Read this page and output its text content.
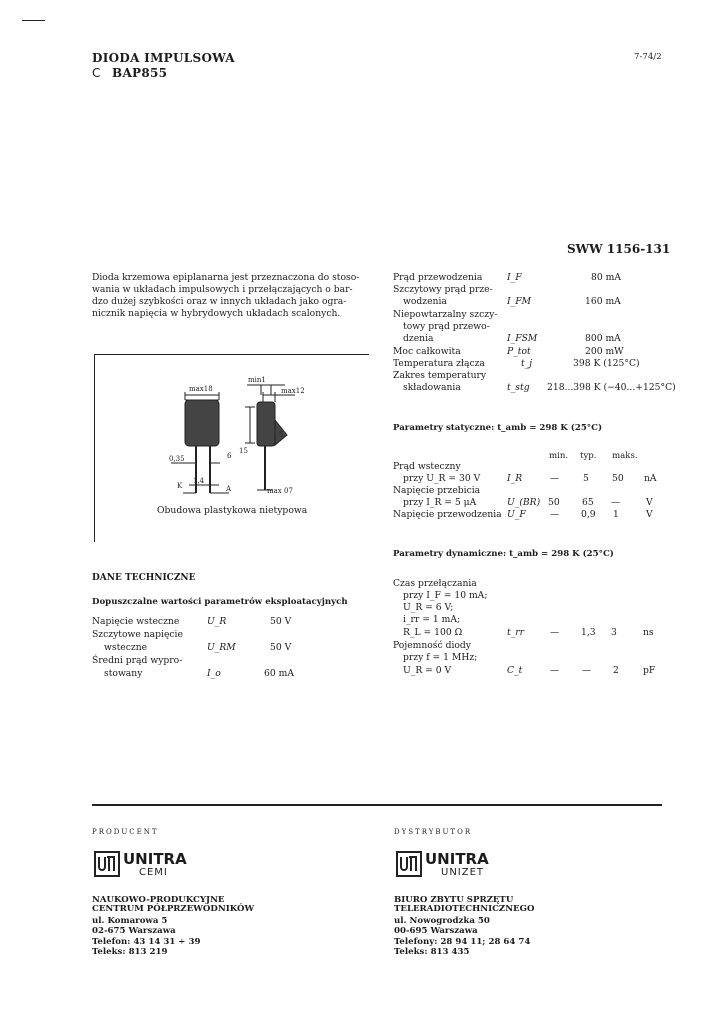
DIODA IMPULSOWA
C BAP855
7-74/2
SWW 1156-131
Dioda krzemowa epiplanarna jest przeznaczona do stoso-
wania w układach impulsowych i przełączających o bar-
dzo dużej szybkości oraz w innych układach jako ogra-
nicznik napięcia w hybrydowych układach scalonych.
max18
min1
max12
0,35	6
15
1,4
K	A	max 07
5
Obudowa plastykowa nietypowa
DANE TECHNICZNE
Dopuszczalne wartości parametrów eksploatacyjnych
Napięcie wsteczne	U_R	50 V
Szczytowe napięcie
wsteczne	U_RM	50 V
Średni prąd wyprо-
stowany	I_o	60 mA
Prąd przewodzenia	I_F	80 mA
Szczytowy prąd prze-
wodzenia	I_FM	160 mA
Niepowtarzalny szczy-
towy prąd przewo-
dzenia	I_FSM	800 mA
Moc całkowita	P_tot	200 mW
Temperatura złącza	t_j	398 K (125°C)
Zakres temperatury
składowania	t_stg 218...398 K (−40...+125°C)
Parametry statyczne: t_amb = 298 K (25°C)
min. typ. maks.
Prąd wsteczny
przy U_R = 30 V	I_R	—	5	50 nA
Napięcie przebicia
przy I_R = 5 μA	U_(BR) 50 65 —	V
Napięcie przewodzenia U_F	— 0,9 1	V
Parametry dynamiczne: t_amb = 298 K (25°C)
Czas przełączania
przy I_F = 10 mA;
U_R = 6 V;
i_rr = 1 mA;
R_L = 100 Ω	t_rr	— 1,3 3	ns
Pojemność diody
przy f = 1 MHz;
U_R = 0 V	C_t	— — 2	pF
PRODUCENT
UNITRA
CEMI
NAUKOWO-PRODUKCYJNE
CENTRUM PÓŁPRZEWODNIKÓW
ul. Komarowa 5
02-675 Warszawa
Telefon: 43 14 31 ÷ 39
Teleks: 813 219
DYSTRYBUTOR
UNITRA
UNIZET
BIURO ZBYTU SPRZĘTU
TELERADIOTECHNICZNEGO
ul. Nowogrodzka 50
00-695 Warszawa
Telefony: 28 94 11; 28 64 74
Teleks: 813 435
